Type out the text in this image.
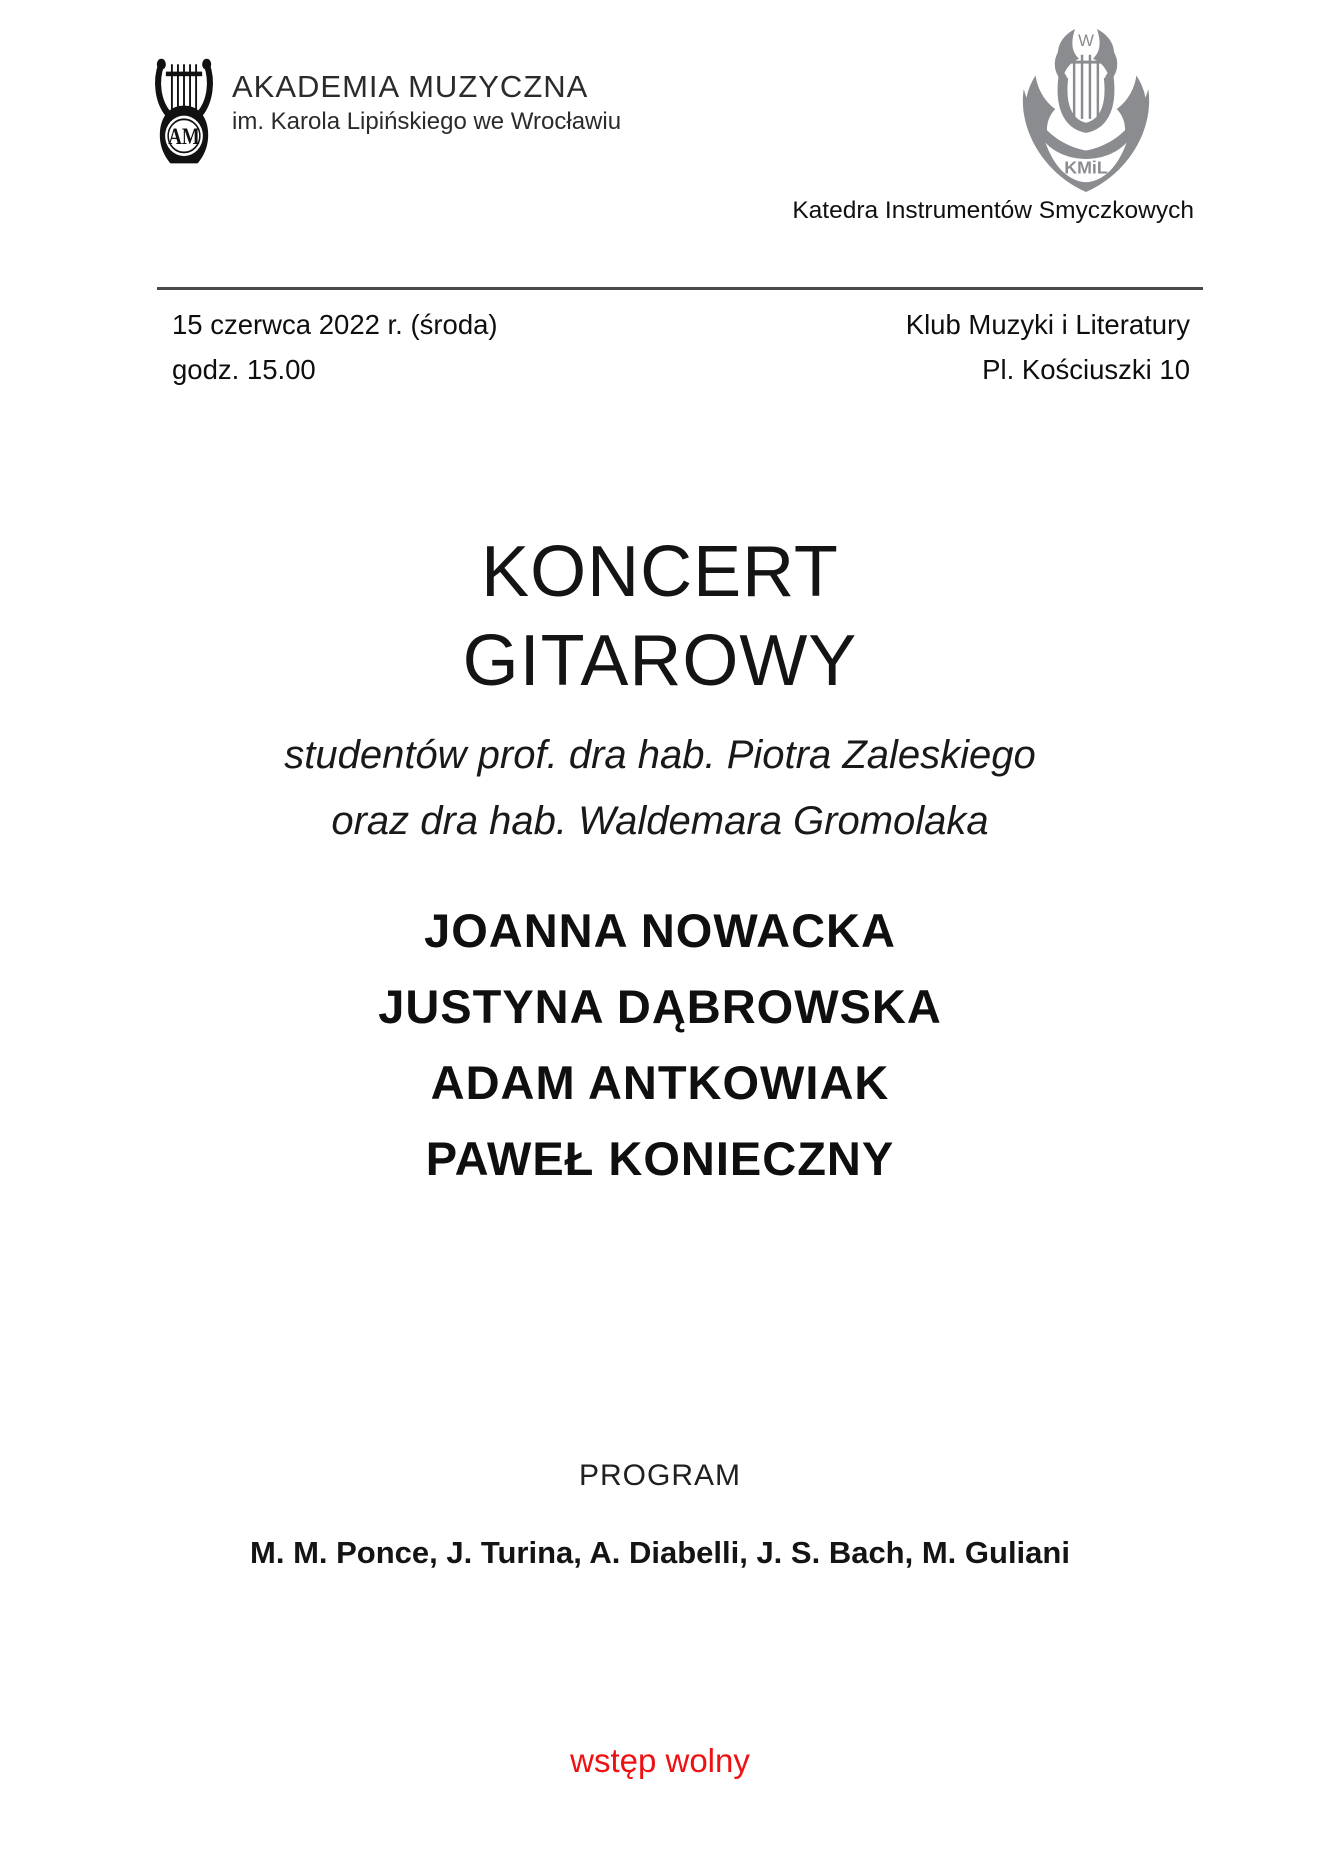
AM
AKADEMIA MUZYCZNA
im. Karola Lipińskiego we Wrocławiu
W
KMiL
Katedra Instrumentów Smyczkowych
15 czerwca 2022 r. (środa)	Klub Muzyki i Literatury
godz. 15.00	Pl. Kościuszki 10
KONCERT
GITAROWY
studentów prof. dra hab. Piotra Zaleskiego
oraz dra hab. Waldemara Gromolaka
JOANNA NOWACKA
JUSTYNA DĄBROWSKA
ADAM ANTKOWIAK
PAWEŁ KONIECZNY
PROGRAM
M. M. Ponce, J. Turina, A. Diabelli, J. S. Bach, M. Guliani
wstęp wolny
